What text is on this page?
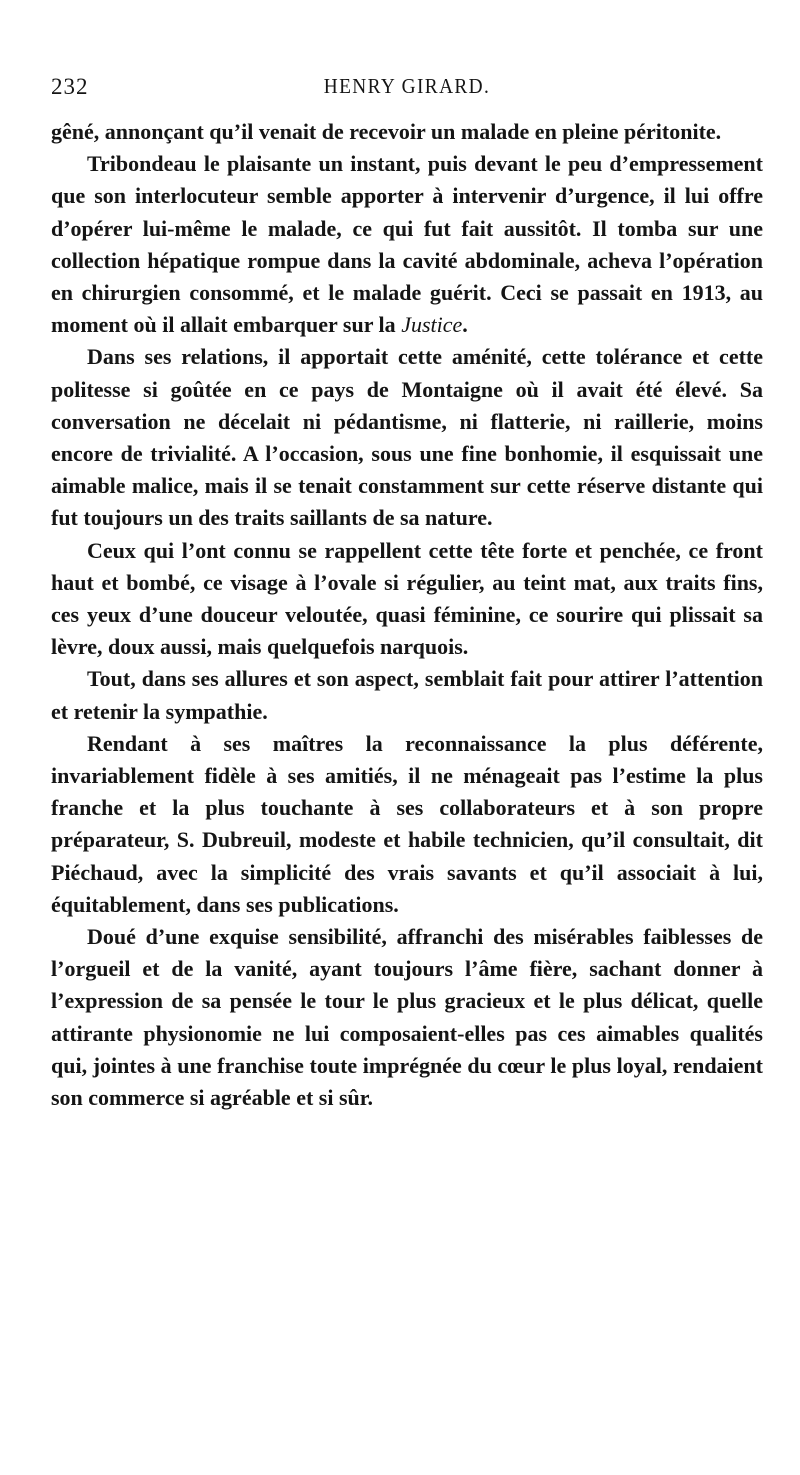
232	HENRY GIRARD.

gêné, annonçant qu’il venait de recevoir un malade en pleine péritonite.

Tribondeau le plaisante un instant, puis devant le peu d’empressement que son interlocuteur semble apporter à intervenir d’urgence, il lui offre d’opérer lui-même le malade, ce qui fut fait aussitôt. Il tomba sur une collection hépatique rompue dans la cavité abdominale, acheva l’opération en chirurgien consommé, et le malade guérit. Ceci se passait en 1913, au moment où il allait embarquer sur la Justice.

Dans ses relations, il apportait cette aménité, cette tolérance et cette politesse si goûtée en ce pays de Montaigne où il avait été élevé. Sa conversation ne décelait ni pédantisme, ni flatterie, ni raillerie, moins encore de trivialité. A l’occasion, sous une fine bonhomie, il esquissait une aimable malice, mais il se tenait constamment sur cette réserve distante qui fut toujours un des traits saillants de sa nature.

Ceux qui l’ont connu se rappellent cette tête forte et penchée, ce front haut et bombé, ce visage à l’ovale si régulier, au teint mat, aux traits fins, ces yeux d’une douceur veloutée, quasi féminine, ce sourire qui plissait sa lèvre, doux aussi, mais quelquefois narquois.

Tout, dans ses allures et son aspect, semblait fait pour attirer l’attention et retenir la sympathie.

Rendant à ses maîtres la reconnaissance la plus déférente, invariablement fidèle à ses amitiés, il ne ménageait pas l’estime la plus franche et la plus touchante à ses collaborateurs et à son propre préparateur, S. Dubreuil, modeste et habile technicien, qu’il consultait, dit Piéchaud, avec la simplicité des vrais savants et qu’il associait à lui, équitablement, dans ses publications.

Doué d’une exquise sensibilité, affranchi des misérables faiblesses de l’orgueil et de la vanité, ayant toujours l’âme fière, sachant donner à l’expression de sa pensée le tour le plus gracieux et le plus délicat, quelle attirante physionomie ne lui composaient-elles pas ces aimables qualités qui, jointes à une franchise toute imprégnée du cœur le plus loyal, rendaient son commerce si agréable et si sûr.
